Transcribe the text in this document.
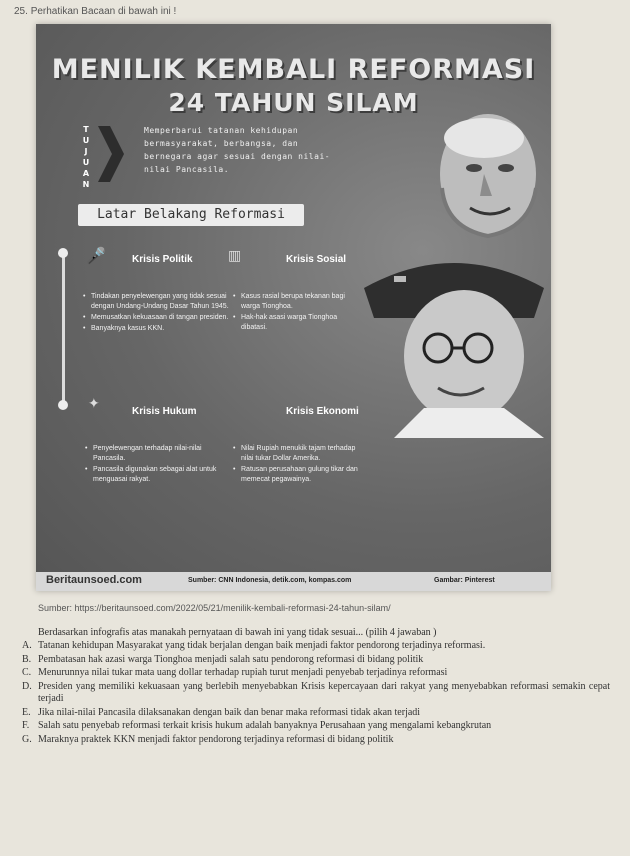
25. Perhatikan Bacaan di bawah ini !
MENILIK KEMBALI REFORMASI
24 TAHUN SILAM
T
U
J
U
A
N
Memperbarui tatanan kehidupan bermasyarakat, berbangsa, dan bernegara agar sesuai dengan nilai-nilai Pancasila.
Latar Belakang Reformasi
🎤	Krisis Politik
• Tindakan penyelewengan yang tidak sesuai dengan Undang-Undang Dasar Tahun 1945.
• Memusatkan kekuasaan di tangan presiden.
• Banyaknya kasus KKN.
▥	Krisis Sosial
• Kasus rasial berupa tekanan bagi warga Tionghoa.
• Hak-hak asasi warga Tionghoa dibatasi.
✦	Krisis Hukum
• Penyelewengan terhadap nilai-nilai Pancasila.
• Pancasila digunakan sebagai alat untuk menguasai rakyat.
Krisis Ekonomi
• Nilai Rupiah menukik tajam terhadap nilai tukar Dollar Amerika.
• Ratusan perusahaan gulung tikar dan memecat pegawainya.
Beritaunsoed.com	Sumber: CNN Indonesia, detik.com, kompas.com	Gambar: Pinterest
Sumber: https://beritaunsoed.com/2022/05/21/menilik-kembali-reformasi-24-tahun-silam/
Berdasarkan infografis atas manakah pernyataan di bawah ini yang tidak sesuai... (pilih 4 jawaban )
A. Tatanan kehidupan Masyarakat yang tidak berjalan dengan baik menjadi faktor pendorong terjadinya reformasi.
B. Pembatasan hak azasi warga Tionghoa menjadi salah satu pendorong reformasi di bidang politik
C. Menurunnya nilai tukar mata uang dollar terhadap rupiah turut menjadi penyebab terjadinya reformasi
D. Presiden yang memiliki kekuasaan yang berlebih menyebabkan Krisis kepercayaan dari rakyat yang menyebabkan reformasi semakin cepat terjadi
E. Jika nilai-nilai Pancasila dilaksanakan dengan baik dan benar maka reformasi tidak akan terjadi
F. Salah satu penyebab reformasi terkait krisis hukum adalah banyaknya Perusahaan yang mengalami kebangkrutan
G. Maraknya praktek KKN menjadi faktor pendorong terjadinya reformasi di bidang politik
